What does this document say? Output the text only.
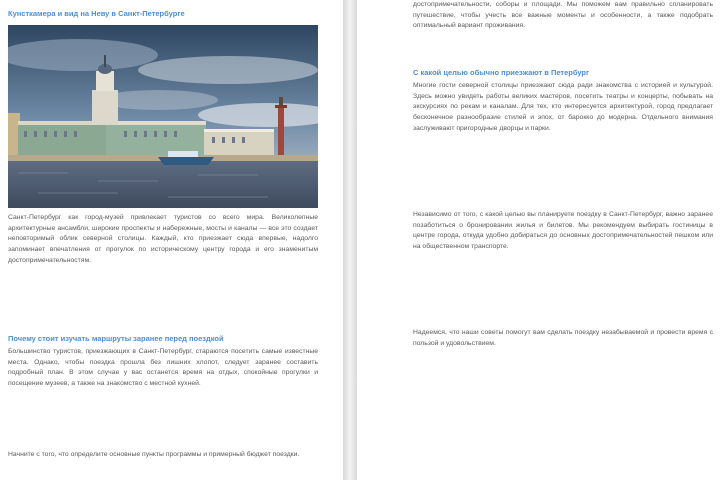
Кунсткамера и вид на Неву в Санкт-Петербурге

Санкт-Петербург как город-музей привлекает туристов со всего мира. Великолепные архитектурные ансамбли, широкие проспекты и набережные, мосты и каналы — все это создает неповторимый облик северной столицы. Каждый, кто приезжает сюда впервые, надолго запоминает впечатления от прогулок по историческому центру города и его знаменитым достопримечательностям.

Почему стоит изучать маршруты заранее перед поездкой

Большинство туристов, приезжающих в Санкт-Петербург, стараются посетить самые известные места. Однако, чтобы поездка прошла без лишних хлопот, следует заранее составить подробный план. В этом случае у вас останется время на отдых, спокойные прогулки и посещение музеев, а также на знакомство с местной кухней.

Начните с того, что определите основные пункты программы и примерный бюджет поездки.

достопримечательности, соборы и площади. Мы поможем вам правильно спланировать путешествие, чтобы учесть все важные моменты и особенности, а также подобрать оптимальный вариант проживания.

С какой целью обычно приезжают в Петербург

Многие гости северной столицы приезжают сюда ради знакомства с историей и культурой. Здесь можно увидеть работы великих мастеров, посетить театры и концерты, побывать на экскурсиях по рекам и каналам. Для тех, кто интересуется архитектурой, город предлагает бесконечное разнообразие стилей и эпох, от барокко до модерна. Отдельного внимания заслуживают пригородные дворцы и парки.

Независимо от того, с какой целью вы планируете поездку в Санкт-Петербург, важно заранее позаботиться о бронировании жилья и билетов. Мы рекомендуем выбирать гостиницы в центре города, откуда удобно добираться до основных достопримечательностей пешком или на общественном транспорте.

Надеемся, что наши советы помогут вам сделать поездку незабываемой и провести время с пользой и удовольствием.
